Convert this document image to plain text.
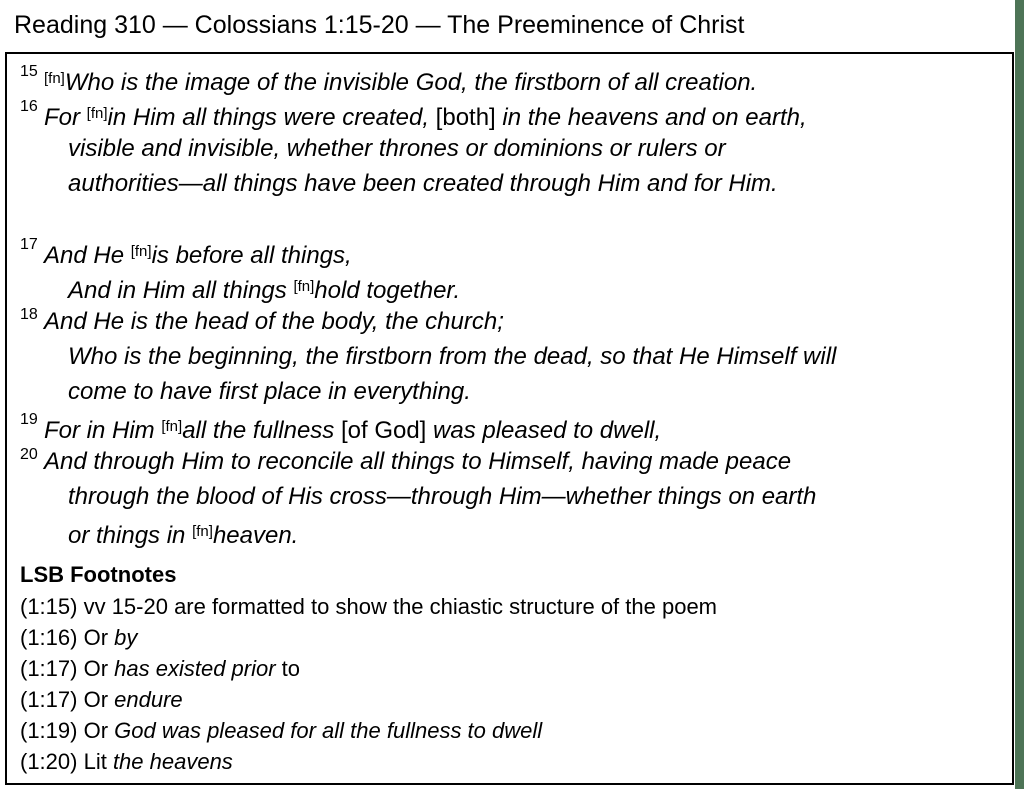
Reading 310 — Colossians 1:15-20 — The Preeminence of Christ
15 [fn]Who is the image of the invisible God, the firstborn of all creation.
16 For [fn]in Him all things were created, [both] in the heavens and on earth,
visible and invisible, whether thrones or dominions or rulers or
authorities—all things have been created through Him and for Him.
17 And He [fn]is before all things,
And in Him all things [fn]hold together.
18 And He is the head of the body, the church;
Who is the beginning, the firstborn from the dead, so that He Himself will
come to have first place in everything.
19 For in Him [fn]all the fullness [of God] was pleased to dwell,
20 And through Him to reconcile all things to Himself, having made peace
through the blood of His cross—through Him—whether things on earth
or things in [fn]heaven.
LSB Footnotes
(1:15) vv 15-20 are formatted to show the chiastic structure of the poem
(1:16) Or by
(1:17) Or has existed prior to
(1:17) Or endure
(1:19) Or God was pleased for all the fullness to dwell
(1:20) Lit the heavens
